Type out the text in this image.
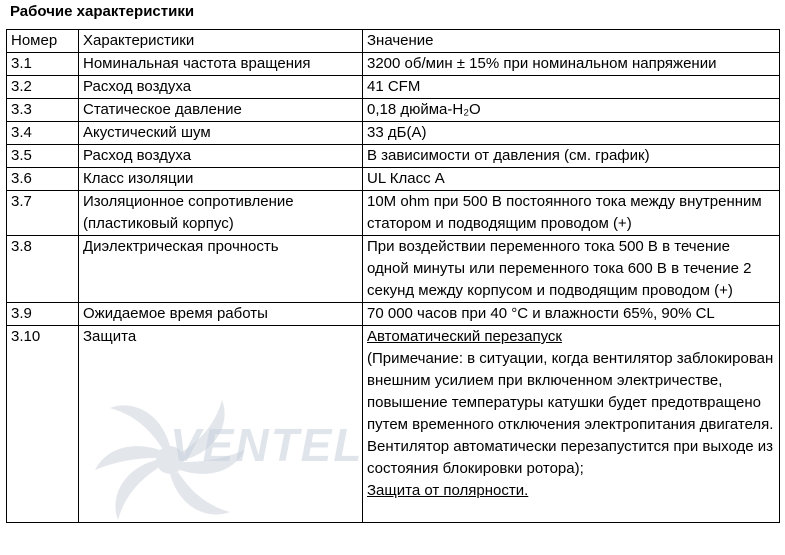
Рабочие характеристики
Номер	Характеристики	Значение
3.1	Номинальная частота вращения	3200 об/мин ± 15% при номинальном напряжении
3.2	Расход воздуха	41 CFM
3.3	Статическое давление	0,18 дюйма-H₂O
3.4	Акустический шум	33 дБ(А)
3.5	Расход воздуха	В зависимости от давления (см. график)
3.6	Класс изоляции	UL Класс A
3.7	Изоляционное сопротивление (пластиковый корпус)	10M ohm при 500 В постоянного тока между внутренним статором и подводящим проводом (+)
3.8	Диэлектрическая прочность	При воздействии переменного тока 500 В в течение одной минуты или переменного тока 600 В в течение 2 секунд между корпусом и подводящим проводом (+)
3.9	Ожидаемое время работы	70 000 часов при 40 °C и влажности 65%, 90% CL
3.10	Защита	Автоматический перезапуск
(Примечание: в ситуации, когда вентилятор заблокирован внешним усилием при включенном электричестве, повышение температуры катушки будет предотвращено путем временного отключения электропитания двигателя. Вентилятор автоматически перезапустится при выходе из состояния блокировки ротора);
Защита от полярности.
VENTEL
